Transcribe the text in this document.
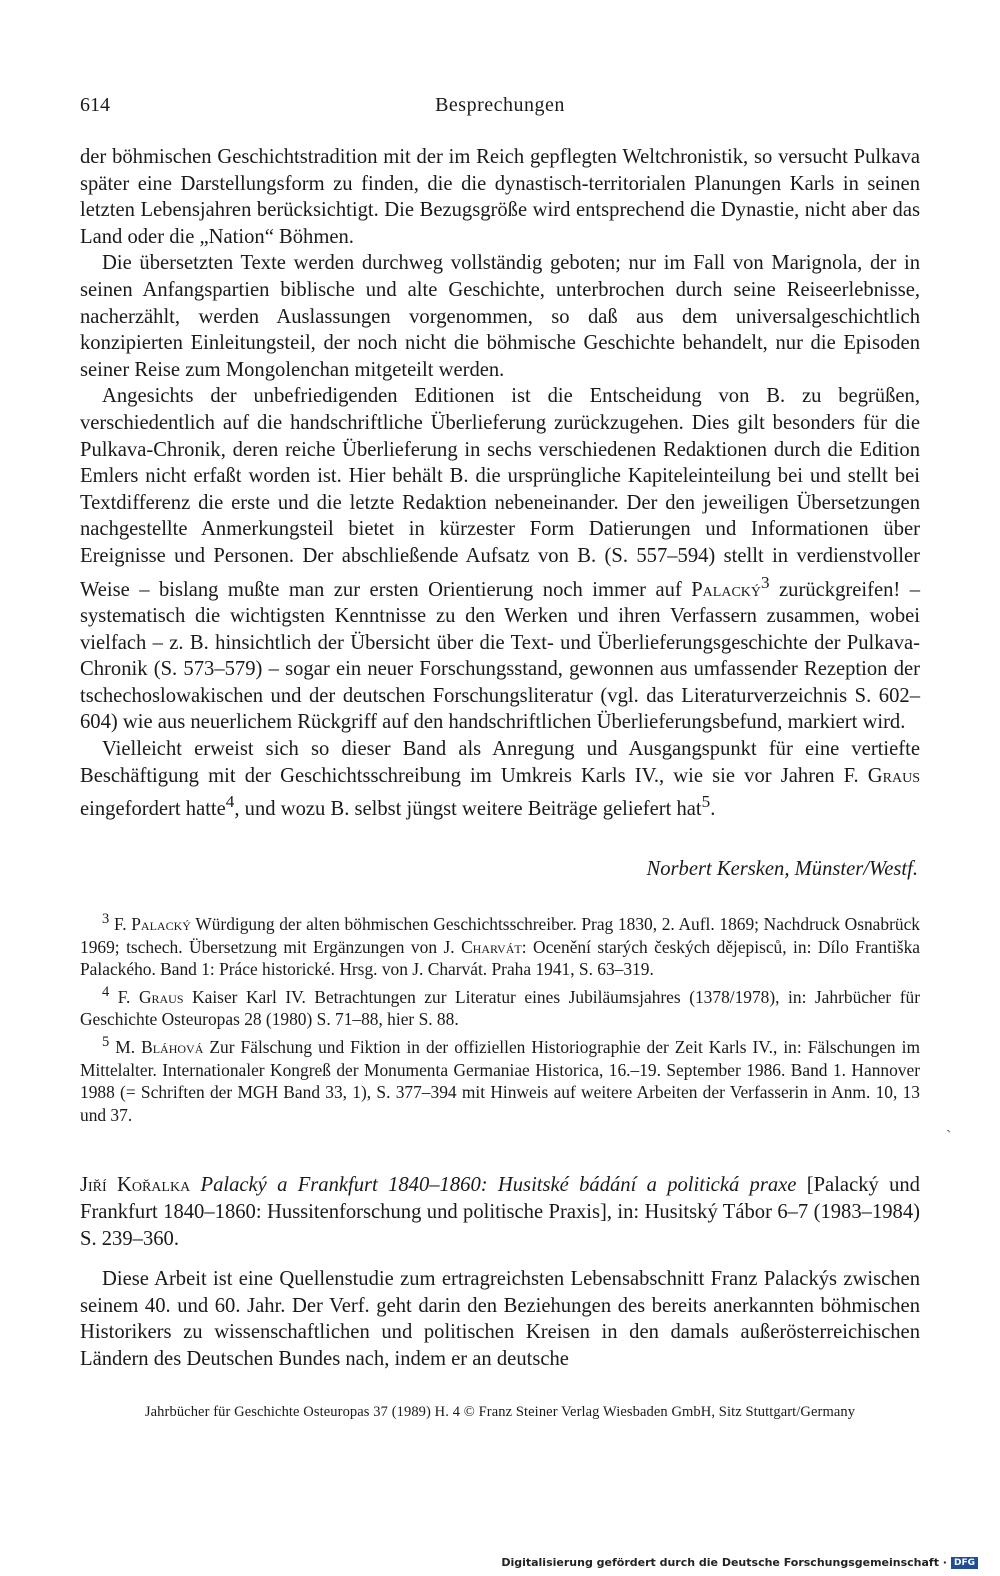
614	Besprechungen

der böhmischen Geschichtstradition mit der im Reich gepflegten Weltchronistik, so versucht Pulkava später eine Darstellungsform zu finden, die die dynastisch-territorialen Planungen Karls in seinen letzten Lebensjahren berücksichtigt. Die Bezugsgröße wird entsprechend die Dynastie, nicht aber das Land oder die „Nation“ Böhmen.

Die übersetzten Texte werden durchweg vollständig geboten; nur im Fall von Marignola, der in seinen Anfangspartien biblische und alte Geschichte, unterbrochen durch seine Reiseerlebnisse, nacherzählt, werden Auslassungen vorgenommen, so daß aus dem universalgeschichtlich konzipierten Einleitungsteil, der noch nicht die böhmische Geschichte behandelt, nur die Episoden seiner Reise zum Mongolenchan mitgeteilt werden.

Angesichts der unbefriedigenden Editionen ist die Entscheidung von B. zu begrüßen, verschiedentlich auf die handschriftliche Überlieferung zurückzugehen. Dies gilt besonders für die Pulkava-Chronik, deren reiche Überlieferung in sechs verschiedenen Redaktionen durch die Edition Emlers nicht erfaßt worden ist. Hier behält B. die ursprüngliche Kapiteleinteilung bei und stellt bei Textdifferenz die erste und die letzte Redaktion nebeneinander. Der den jeweiligen Übersetzungen nachgestellte Anmerkungsteil bietet in kürzester Form Datierungen und Informationen über Ereignisse und Personen. Der abschließende Aufsatz von B. (S. 557–594) stellt in verdienstvoller Weise – bislang mußte man zur ersten Orientierung noch immer auf Palacký$^3$ zurückgreifen! – systematisch die wichtigsten Kenntnisse zu den Werken und ihren Verfassern zusammen, wobei vielfach – z. B. hinsichtlich der Übersicht über die Text- und Überlieferungsgeschichte der Pulkava-Chronik (S. 573–579) – sogar ein neuer Forschungsstand, gewonnen aus umfassender Rezeption der tschechoslowakischen und der deutschen Forschungsliteratur (vgl. das Literaturverzeichnis S. 602–604) wie aus neuerlichem Rückgriff auf den handschriftlichen Überlieferungsbefund, markiert wird.

Vielleicht erweist sich so dieser Band als Anregung und Ausgangspunkt für eine vertiefte Beschäftigung mit der Geschichtsschreibung im Umkreis Karls IV., wie sie vor Jahren F. Graus eingefordert hatte$^4$, und wozu B. selbst jüngst weitere Beiträge geliefert hat$^5$.

Norbert Kersken, Münster/Westf.

$^3$ F. Palacký Würdigung der alten böhmischen Geschichtsschreiber. Prag 1830, 2. Aufl. 1869; Nachdruck Osnabrück 1969; tschech. Übersetzung mit Ergänzungen von J. Charvát: Ocenění starých českých dějepisců, in: Dílo Františka Palackého. Band 1: Práce historické. Hrsg. von J. Charvát. Praha 1941, S. 63–319.

$^4$ F. Graus Kaiser Karl IV. Betrachtungen zur Literatur eines Jubiläumsjahres (1378/1978), in: Jahrbücher für Geschichte Osteuropas 28 (1980) S. 71–88, hier S. 88.

$^5$ M. Bláhová Zur Fälschung und Fiktion in der offiziellen Historiographie der Zeit Karls IV., in: Fälschungen im Mittelalter. Internationaler Kongreß der Monumenta Germaniae Historica, 16.–19. September 1986. Band 1. Hannover 1988 (= Schriften der MGH Band 33, 1), S. 377–394 mit Hinweis auf weitere Arbeiten der Verfasserin in Anm. 10, 13 und 37.

`
Jiří Kořalka Palacký a Frankfurt 1840–1860: Husitské bádání a politická praxe [Palacký und Frankfurt 1840–1860: Hussitenforschung und politische Praxis], in: Husitský Tábor 6–7 (1983–1984) S. 239–360.

Diese Arbeit ist eine Quellenstudie zum ertragreichsten Lebensabschnitt Franz Palackýs zwischen seinem 40. und 60. Jahr. Der Verf. geht darin den Beziehungen des bereits anerkannten böhmischen Historikers zu wissenschaftlichen und politischen Kreisen in den damals außerösterreichischen Ländern des Deutschen Bundes nach, indem er an deutsche

Jahrbücher für Geschichte Osteuropas 37 (1989) H. 4 © Franz Steiner Verlag Wiesbaden GmbH, Sitz Stuttgart/Germany
Digitalisierung gefördert durch die Deutsche Forschungsgemeinschaft · DFG
